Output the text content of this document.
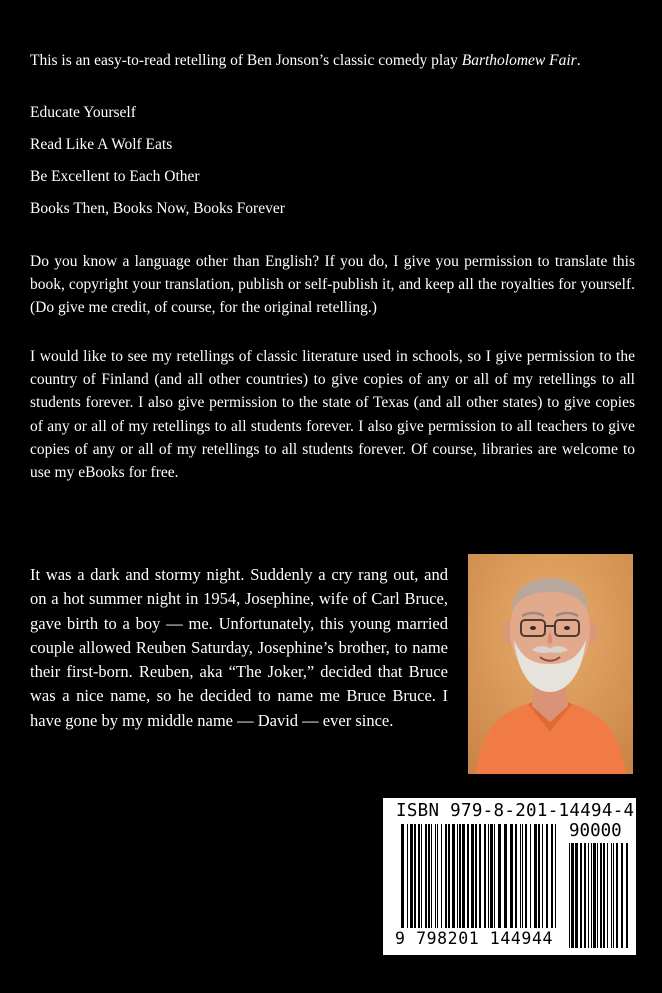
This is an easy-to-read retelling of Ben Jonson’s classic comedy play Bartholomew Fair.

Educate Yourself
Read Like A Wolf Eats
Be Excellent to Each Other
Books Then, Books Now, Books Forever

Do you know a language other than English? If you do, I give you permission to translate this book, copyright your translation, publish or self-publish it, and keep all the royalties for yourself. (Do give me credit, of course, for the original retelling.)

I would like to see my retellings of classic literature used in schools, so I give permission to the country of Finland (and all other countries) to give copies of any or all of my retellings to all students forever. I also give permission to the state of Texas (and all other states) to give copies of any or all of my retellings to all students forever. I also give permission to all teachers to give copies of any or all of my retellings to all students forever. Of course, libraries are welcome to use my eBooks for free.

It was a dark and stormy night. Suddenly a cry rang out, and on a hot summer night in 1954, Josephine, wife of Carl Bruce, gave birth to a boy — me. Unfortunately, this young married couple allowed Reuben Saturday, Josephine’s brother, to name their first-born. Reuben, aka “The Joker,” decided that Bruce was a nice name, so he decided to name me Bruce Bruce. I have gone by my middle name — David — ever since.

ISBN 979-8-201-14494-4
90000
9 798201 144944
